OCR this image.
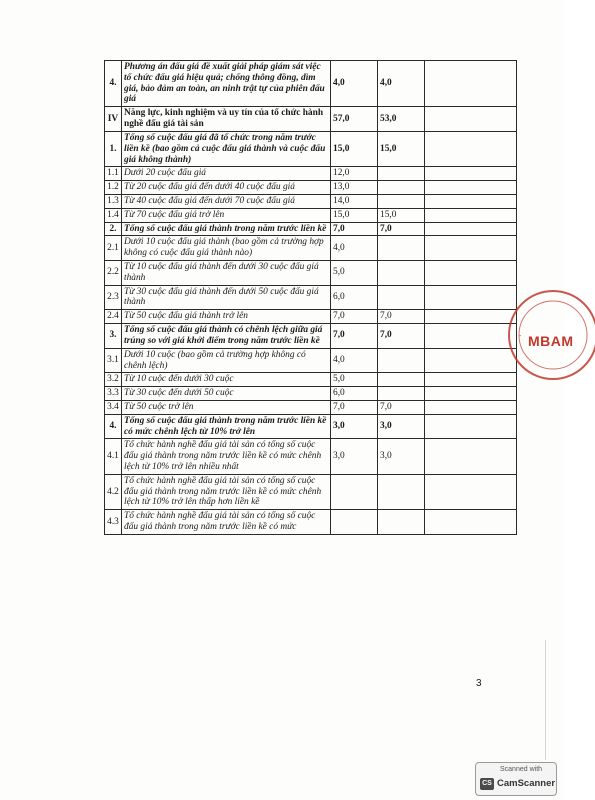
4.	Phương án đấu giá đề xuất giải pháp giám sát việc tổ chức đấu giá hiệu quả; chống thông đồng, dìm giá, bảo đảm an toàn, an ninh trật tự của phiên đấu giá	4,0	4,0	
IV	Năng lực, kinh nghiệm và uy tín của tổ chức hành nghề đấu giá tài sản	57,0	53,0	
1.	Tổng số cuộc đấu giá đã tổ chức trong năm trước liền kề (bao gồm cả cuộc đấu giá thành và cuộc đấu giá không thành)	15,0	15,0	
1.1	Dưới 20 cuộc đấu giá	12,0		
1.2	Từ 20 cuộc đấu giá đến dưới 40 cuộc đấu giá	13,0		
1.3	Từ 40 cuộc đấu giá đến dưới 70 cuộc đấu giá	14,0		
1.4	Từ 70 cuộc đấu giá trở lên	15,0	15,0	
2.	Tổng số cuộc đấu giá thành trong năm trước liền kề	7,0	7,0	
2.1	Dưới 10 cuộc đấu giá thành (bao gồm cả trường hợp không có cuộc đấu giá thành nào)	4,0		
2.2	Từ 10 cuộc đấu giá thành đến dưới 30 cuộc đấu giá thành	5,0		
2.3	Từ 30 cuộc đấu giá thành đến dưới 50 cuộc đấu giá thành	6,0		
2.4	Từ 50 cuộc đấu giá thành trở lên	7,0	7,0	
3.	Tổng số cuộc đấu giá thành có chênh lệch giữa giá trúng so với giá khởi điểm trong năm trước liền kề	7,0	7,0	
3.1	Dưới 10 cuộc (bao gồm cả trường hợp không có chênh lệch)	4,0		
3.2	Từ 10 cuộc đến dưới 30 cuộc	5,0		
3.3	Từ 30 cuộc đến dưới 50 cuộc	6,0		
3.4	Từ 50 cuộc trở lên	7,0	7,0	
4.	Tổng số cuộc đấu giá thành trong năm trước liền kề có mức chênh lệch từ 10% trở lên	3,0	3,0	
4.1	Tổ chức hành nghề đấu giá tài sản có tổng số cuộc đấu giá thành trong năm trước liền kề có mức chênh lệch từ 10% trở lên nhiều nhất	3,0	3,0	
4.2	Tổ chức hành nghề đấu giá tài sản có tổng số cuộc đấu giá thành trong năm trước liền kề có mức chênh lệch từ 10% trở lên thấp hơn liền kề			
4.3	Tổ chức hành nghề đấu giá tài sản có tổng số cuộc đấu giá thành trong năm trước liền kề có mức			
3
- MBAM
Scanned with
CS CamScanner
